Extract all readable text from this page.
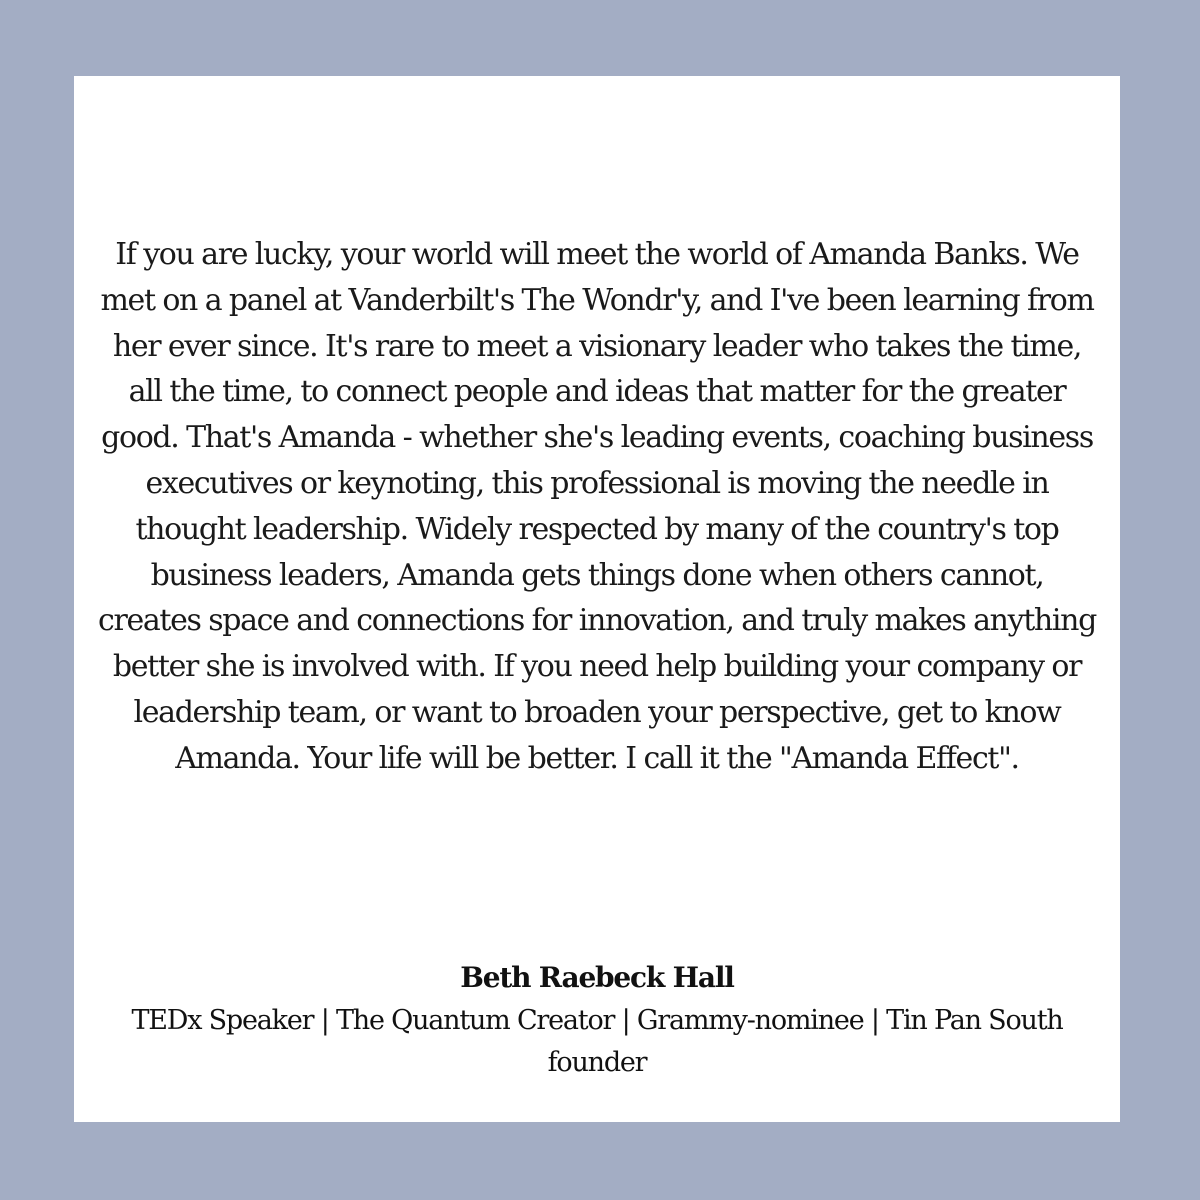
If you are lucky, your world will meet the world of Amanda Banks. We met on a panel at Vanderbilt's The Wondr'y, and I've been learning from her ever since. It's rare to meet a visionary leader who takes the time, all the time, to connect people and ideas that matter for the greater good. That's Amanda - whether she's leading events, coaching business executives or keynoting, this professional is moving the needle in thought leadership. Widely respected by many of the country's top business leaders, Amanda gets things done when others cannot, creates space and connections for innovation, and truly makes anything better she is involved with. If you need help building your company or leadership team, or want to broaden your perspective, get to know Amanda. Your life will be better. I call it the "Amanda Effect".

Beth Raebeck Hall
TEDx Speaker | The Quantum Creator | Grammy-nominee | Tin Pan South founder
